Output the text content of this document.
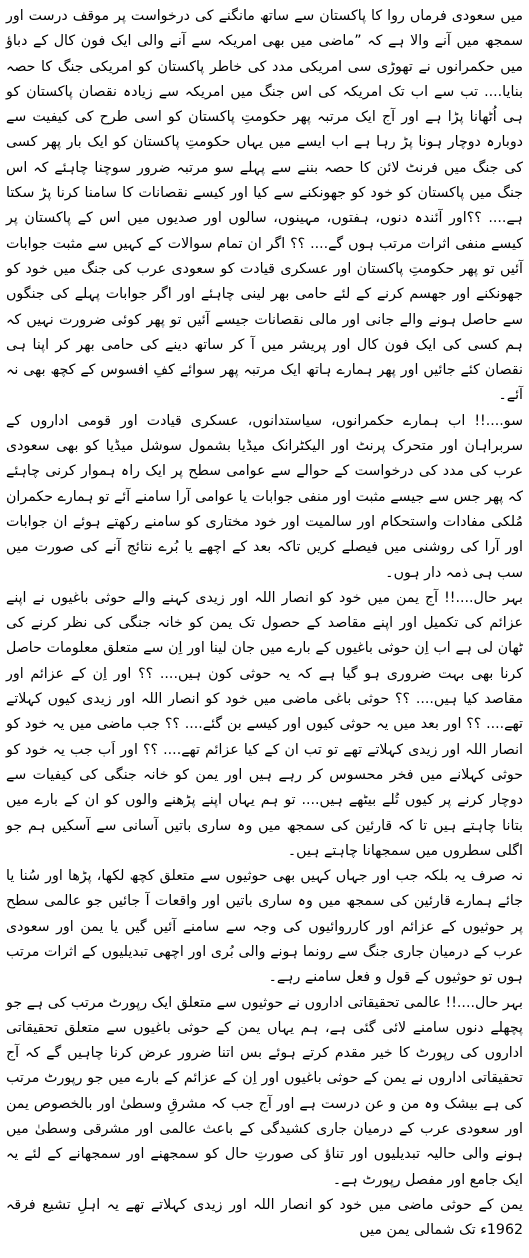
میں سعودی فرماں روا کا پاکستان سے ساتھ مانگنے کی درخواست پر موقف درست اور سمجھ میں آنے والا ہے کہ ”ماضی میں بھی امریکہ سے آنے والی ایک فون کال کے دباؤ میں حکمرانوں نے تھوڑی سی امریکی مدد کی خاطر پاکستان کو امریکی جنگ کا حصہ بنایا.... تب سے اب تک امریکہ کی اس جنگ میں امریکہ سے زیادہ نقصان پاکستان کو ہی اُٹھانا پڑا ہے اور آج ایک مرتبہ پھر حکومتِ پاکستان کو اسی طرح کی کیفیت سے دوبارہ دوچار ہونا پڑ رہا ہے اب ایسے میں یہاں حکومتِ پاکستان کو ایک بار پھر کسی کی جنگ میں فرنٹ لائن کا حصہ بننے سے پہلے سو مرتبہ ضرور سوچنا چاہئے کہ اس جنگ میں پاکستان کو خود کو جھونکنے سے کیا اور کیسے نقصانات کا سامنا کرنا پڑ سکتا ہے.... ؟؟اور آئندہ دنوں، ہفتوں، مہینوں، سالوں اور صدیوں میں اس کے پاکستان پر کیسے منفی اثرات مرتب ہوں گے.... ؟؟ اگر ان تمام سوالات کے کہیں سے مثبت جوابات آئیں تو پھر حکومتِ پاکستان اور عسکری قیادت کو سعودی عرب کی جنگ میں خود کو جھونکنے اور جھسم کرنے کے لئے حامی بھر لینی چاہئے اور اگر جوابات پہلے کی جنگوں سے حاصل ہونے والے جانی اور مالی نقصانات جیسے آئیں تو پھر کوئی ضرورت نہیں کہ ہم کسی کی ایک فون کال اور پریشر میں آ کر ساتھ دینے کی حامی بھر کر اپنا ہی نقصان کئے جائیں اور پھر ہمارے ہاتھ ایک مرتبہ پھر سوائے کفِ افسوس کے کچھ بھی نہ آئے۔

سو....!! اب ہمارے حکمرانوں، سیاستدانوں، عسکری قیادت اور قومی اداروں کے سربراہان اور متحرک پرنٹ اور الیکٹرانک میڈیا بشمول سوشل میڈیا کو بھی سعودی عرب کی مدد کی درخواست کے حوالے سے عوامی سطح پر ایک راہ ہموار کرنی چاہئے کہ پھر جس سے جیسے مثبت اور منفی جوابات یا عوامی آرا سامنے آئے تو ہمارے حکمران مُلکی مفادات واستحکام اور سالمیت اور خود مختاری کو سامنے رکھتے ہوئے ان جوابات اور آرا کی روشنی میں فیصلے کریں تاکہ بعد کے اچھے یا بُرے نتائج آنے کی صورت میں سب ہی ذمہ دار ہوں۔

بہر حال....!! آج یمن میں خود کو انصار اللہ اور زیدی کہنے والے حوثی باغیوں نے اپنے عزائم کی تکمیل اور اپنے مقاصد کے حصول تک یمن کو خانہ جنگی کی نظر کرنے کی ٹھان لی ہے اب اِن حوثی باغیوں کے بارے میں جان لینا اور اِن سے متعلق معلومات حاصل کرنا بھی بہت ضروری ہو گیا ہے کہ یہ حوثی کون ہیں.... ؟؟ اور اِن کے عزائم اور مقاصد کیا ہیں.... ؟؟ حوثی باغی ماضی میں خود کو انصار اللہ اور زیدی کیوں کہلاتے تھے.... ؟؟ اور بعد میں یہ حوثی کیوں اور کیسے بن گئے.... ؟؟ جب ماضی میں یہ خود کو انصار اللہ اور زیدی کہلاتے تھے تو تب ان کے کیا عزائم تھے.... ؟؟ اور اَب جب یہ خود کو حوثی کہلانے میں فخر محسوس کر رہے ہیں اور یمن کو خانہ جنگی کی کیفیات سے دوچار کرنے پر کیوں تُلے بیٹھے ہیں.... تو ہم یہاں اپنے پڑھنے والوں کو ان کے بارے میں بتانا چاہتے ہیں تا کہ قارئین کی سمجھ میں وہ ساری باتیں آسانی سے آسکیں ہم جو اگلی سطروں میں سمجھانا چاہتے ہیں۔

نہ صرف یہ بلکہ جب اور جہاں کہیں بھی حوثیوں سے متعلق کچھ لکھا، پڑھا اور سُنا یا جائے ہمارے قارئین کی سمجھ میں وہ ساری باتیں اور واقعات آ جائیں جو عالمی سطح پر حوثیوں کے عزائم اور کارروائیوں کی وجہ سے سامنے آئیں گیں یا یمن اور سعودی عرب کے درمیان جاری جنگ سے رونما ہونے والی بُری اور اچھی تبدیلیوں کے اثرات مرتب ہوں تو حوثیوں کے قول و فعل سامنے رہے۔

بہر حال....!! عالمی تحقیقاتی اداروں نے حوثیوں سے متعلق ایک رپورٹ مرتب کی ہے جو پچھلے دنوں سامنے لائی گئی ہے، ہم یہاں یمن کے حوثی باغیوں سے متعلق تحقیقاتی اداروں کی رپورٹ کا خیر مقدم کرتے ہوئے بس اتنا ضرور عرض کرنا چاہیں گے کہ آج تحقیقاتی اداروں نے یمن کے حوثی باغیوں اور اِن کے عزائم کے بارے میں جو رپورٹ مرتب کی ہے بیشک وہ من و عن درست ہے اور آج جب کہ مشرقِ وسطیٰ اور بالخصوص یمن اور سعودی عرب کے درمیان جاری کشیدگی کے باعث عالمی اور مشرقی وسطیٰ میں ہونے والی حالیہ تبدیلیوں اور تناؤ کی صورتِ حال کو سمجھنے اور سمجھانے کے لئے یہ ایک جامع اور مفصل رپورٹ ہے۔

یمن کے حوثی ماضی میں خود کو انصار اللہ اور زیدی کہلاتے تھے یہ اہلِ تشیع فرقہ 1962ء تک شمالی یمن میں
